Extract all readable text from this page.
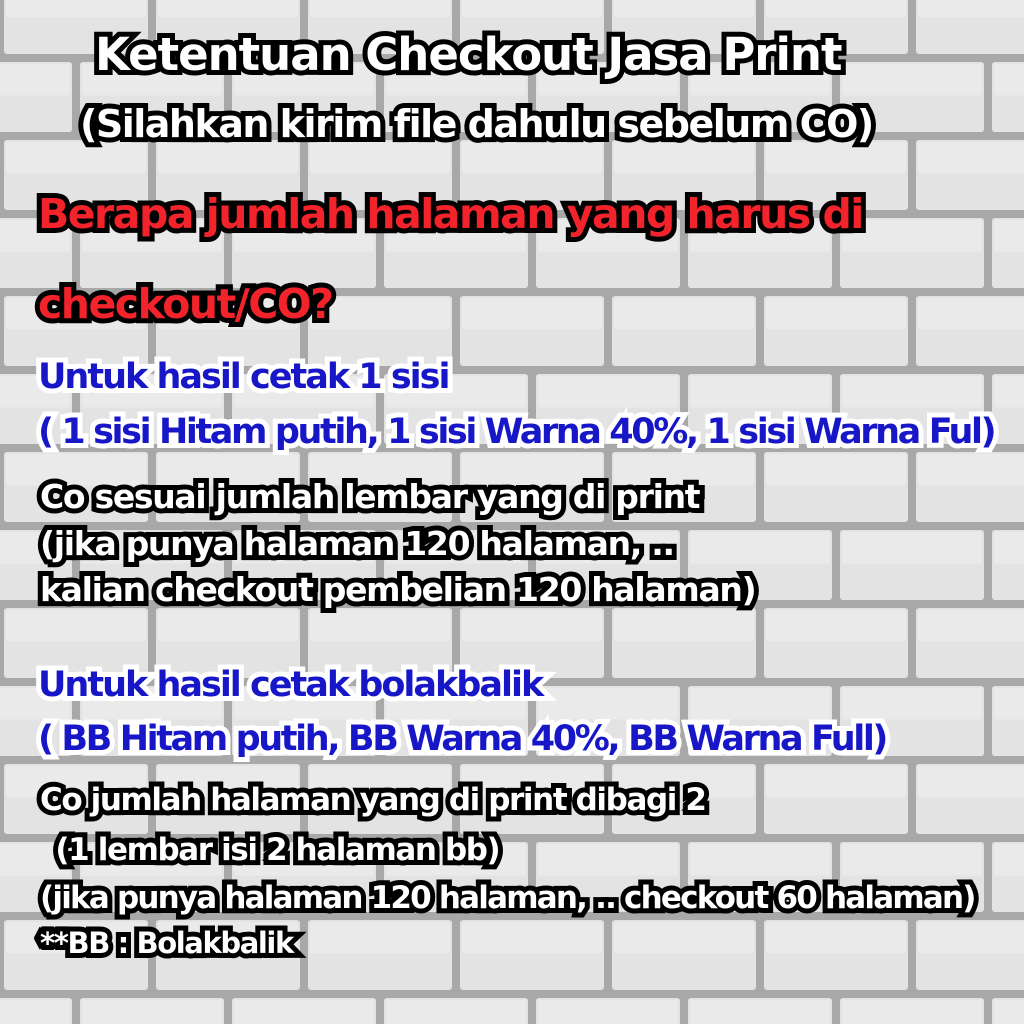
Ketentuan Checkout Jasa Print

(Silahkan kirim file dahulu sebelum CO)

Berapa jumlah halaman yang harus di

checkout/CO?

Untuk hasil cetak 1 sisi

( 1 sisi Hitam putih, 1 sisi Warna 40%, 1 sisi Warna Ful)

Co sesuai jumlah lembar yang di print

(jika punya halaman 120 halaman, ..

kalian checkout pembelian 120 halaman)

Untuk hasil cetak bolakbalik

( BB Hitam putih, BB Warna 40%, BB Warna Full)

Co jumlah halaman yang di print dibagi 2

(1 lembar isi 2 halaman bb)

(jika punya halaman 120 halaman, .. checkout 60 halaman)

**BB : Bolakbalik
